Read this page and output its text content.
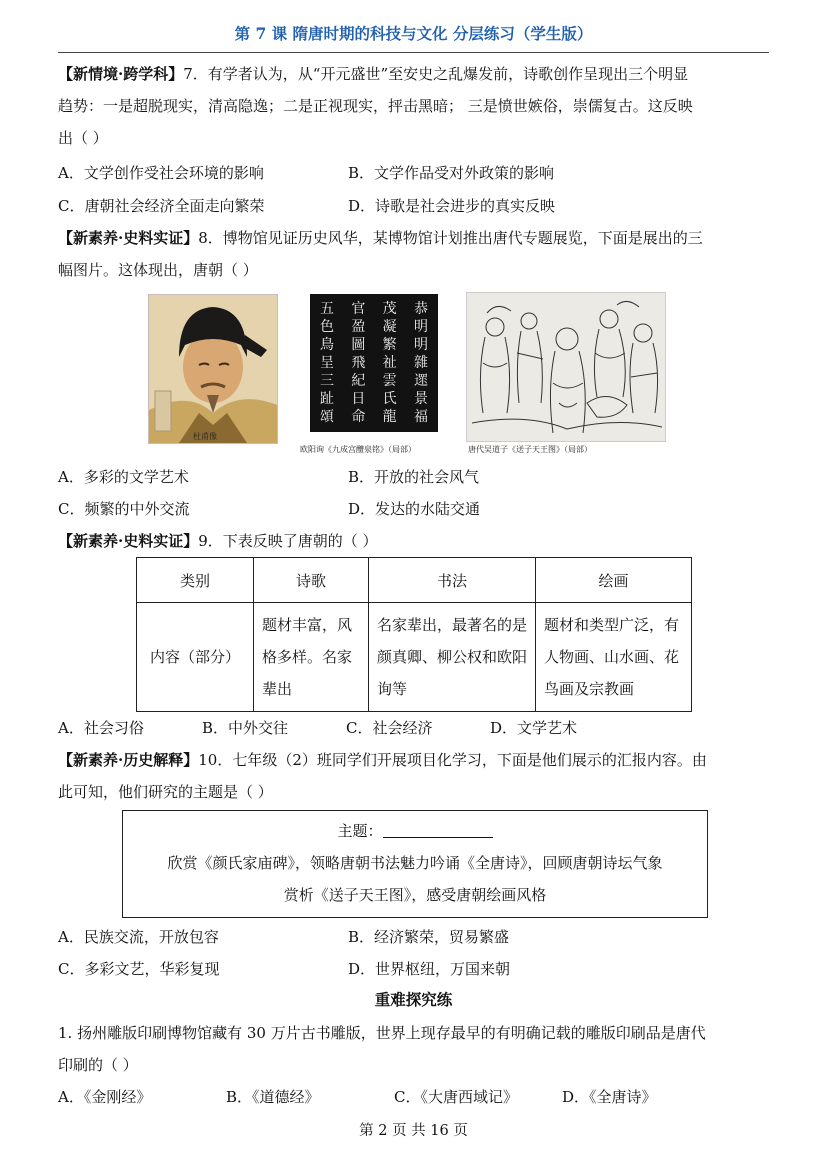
第 7 课 隋唐时期的科技与文化 分层练习（学生版）
【新情境·跨学科】7．有学者认为，从“开元盛世”至安史之乱爆发前，诗歌创作呈现出三个明显
趋势：一是超脱现实，清高隐逸；二是正视现实，抨击黑暗； 三是愤世嫉俗，崇儒复古。这反映
出（ ）
A．文学创作受社会环境的影响	B．文学作品受对外政策的影响
C．唐朝社会经济全面走向繁荣	D．诗歌是社会进步的真实反映
【新素养·史料实证】8．博物馆见证历史风华，某博物馆计划推出唐代专题展览，下面是展出的三
幅图片。这体现出，唐朝（ ）
杜甫像
五色鳥呈三趾頌
官盈圖飛紀日命
茂凝繁祉雲氏龍
恭明明雜遝景福
欧阳询《九成宫醴泉铭》（局部）	唐代吴道子《送子天王图》（局部）
A．多彩的文学艺术	B．开放的社会风气
C．频繁的中外交流	D．发达的水陆交通
【新素养·史料实证】9．下表反映了唐朝的（ ）
类别	诗歌	书法	绘画
内容（部分）	题材丰富，风格多样。名家辈出	名家辈出，最著名的是颜真卿、柳公权和欧阳询等	题材和类型广泛，有人物画、山水画、花鸟画及宗教画
A．社会习俗	B．中外交往	C．社会经济	D．文学艺术
【新素养·历史解释】10．七年级（2）班同学们开展项目化学习，下面是他们展示的汇报内容。由
此可知，他们研究的主题是（ ）
主题：
欣赏《颜氏家庙碑》，领略唐朝书法魅力吟诵《全唐诗》，回顾唐朝诗坛气象
赏析《送子天王图》，感受唐朝绘画风格
A．民族交流，开放包容	B．经济繁荣，贸易繁盛
C．多彩文艺，华彩复现	D．世界枢纽，万国来朝
重难探究练
1. 扬州雕版印刷博物馆藏有 30 万片古书雕版，世界上现存最早的有明确记载的雕版印刷品是唐代
印刷的（ ）
A．《金刚经》	B．《道德经》	C．《大唐西域记》	D．《全唐诗》
第 2 页 共 16 页
